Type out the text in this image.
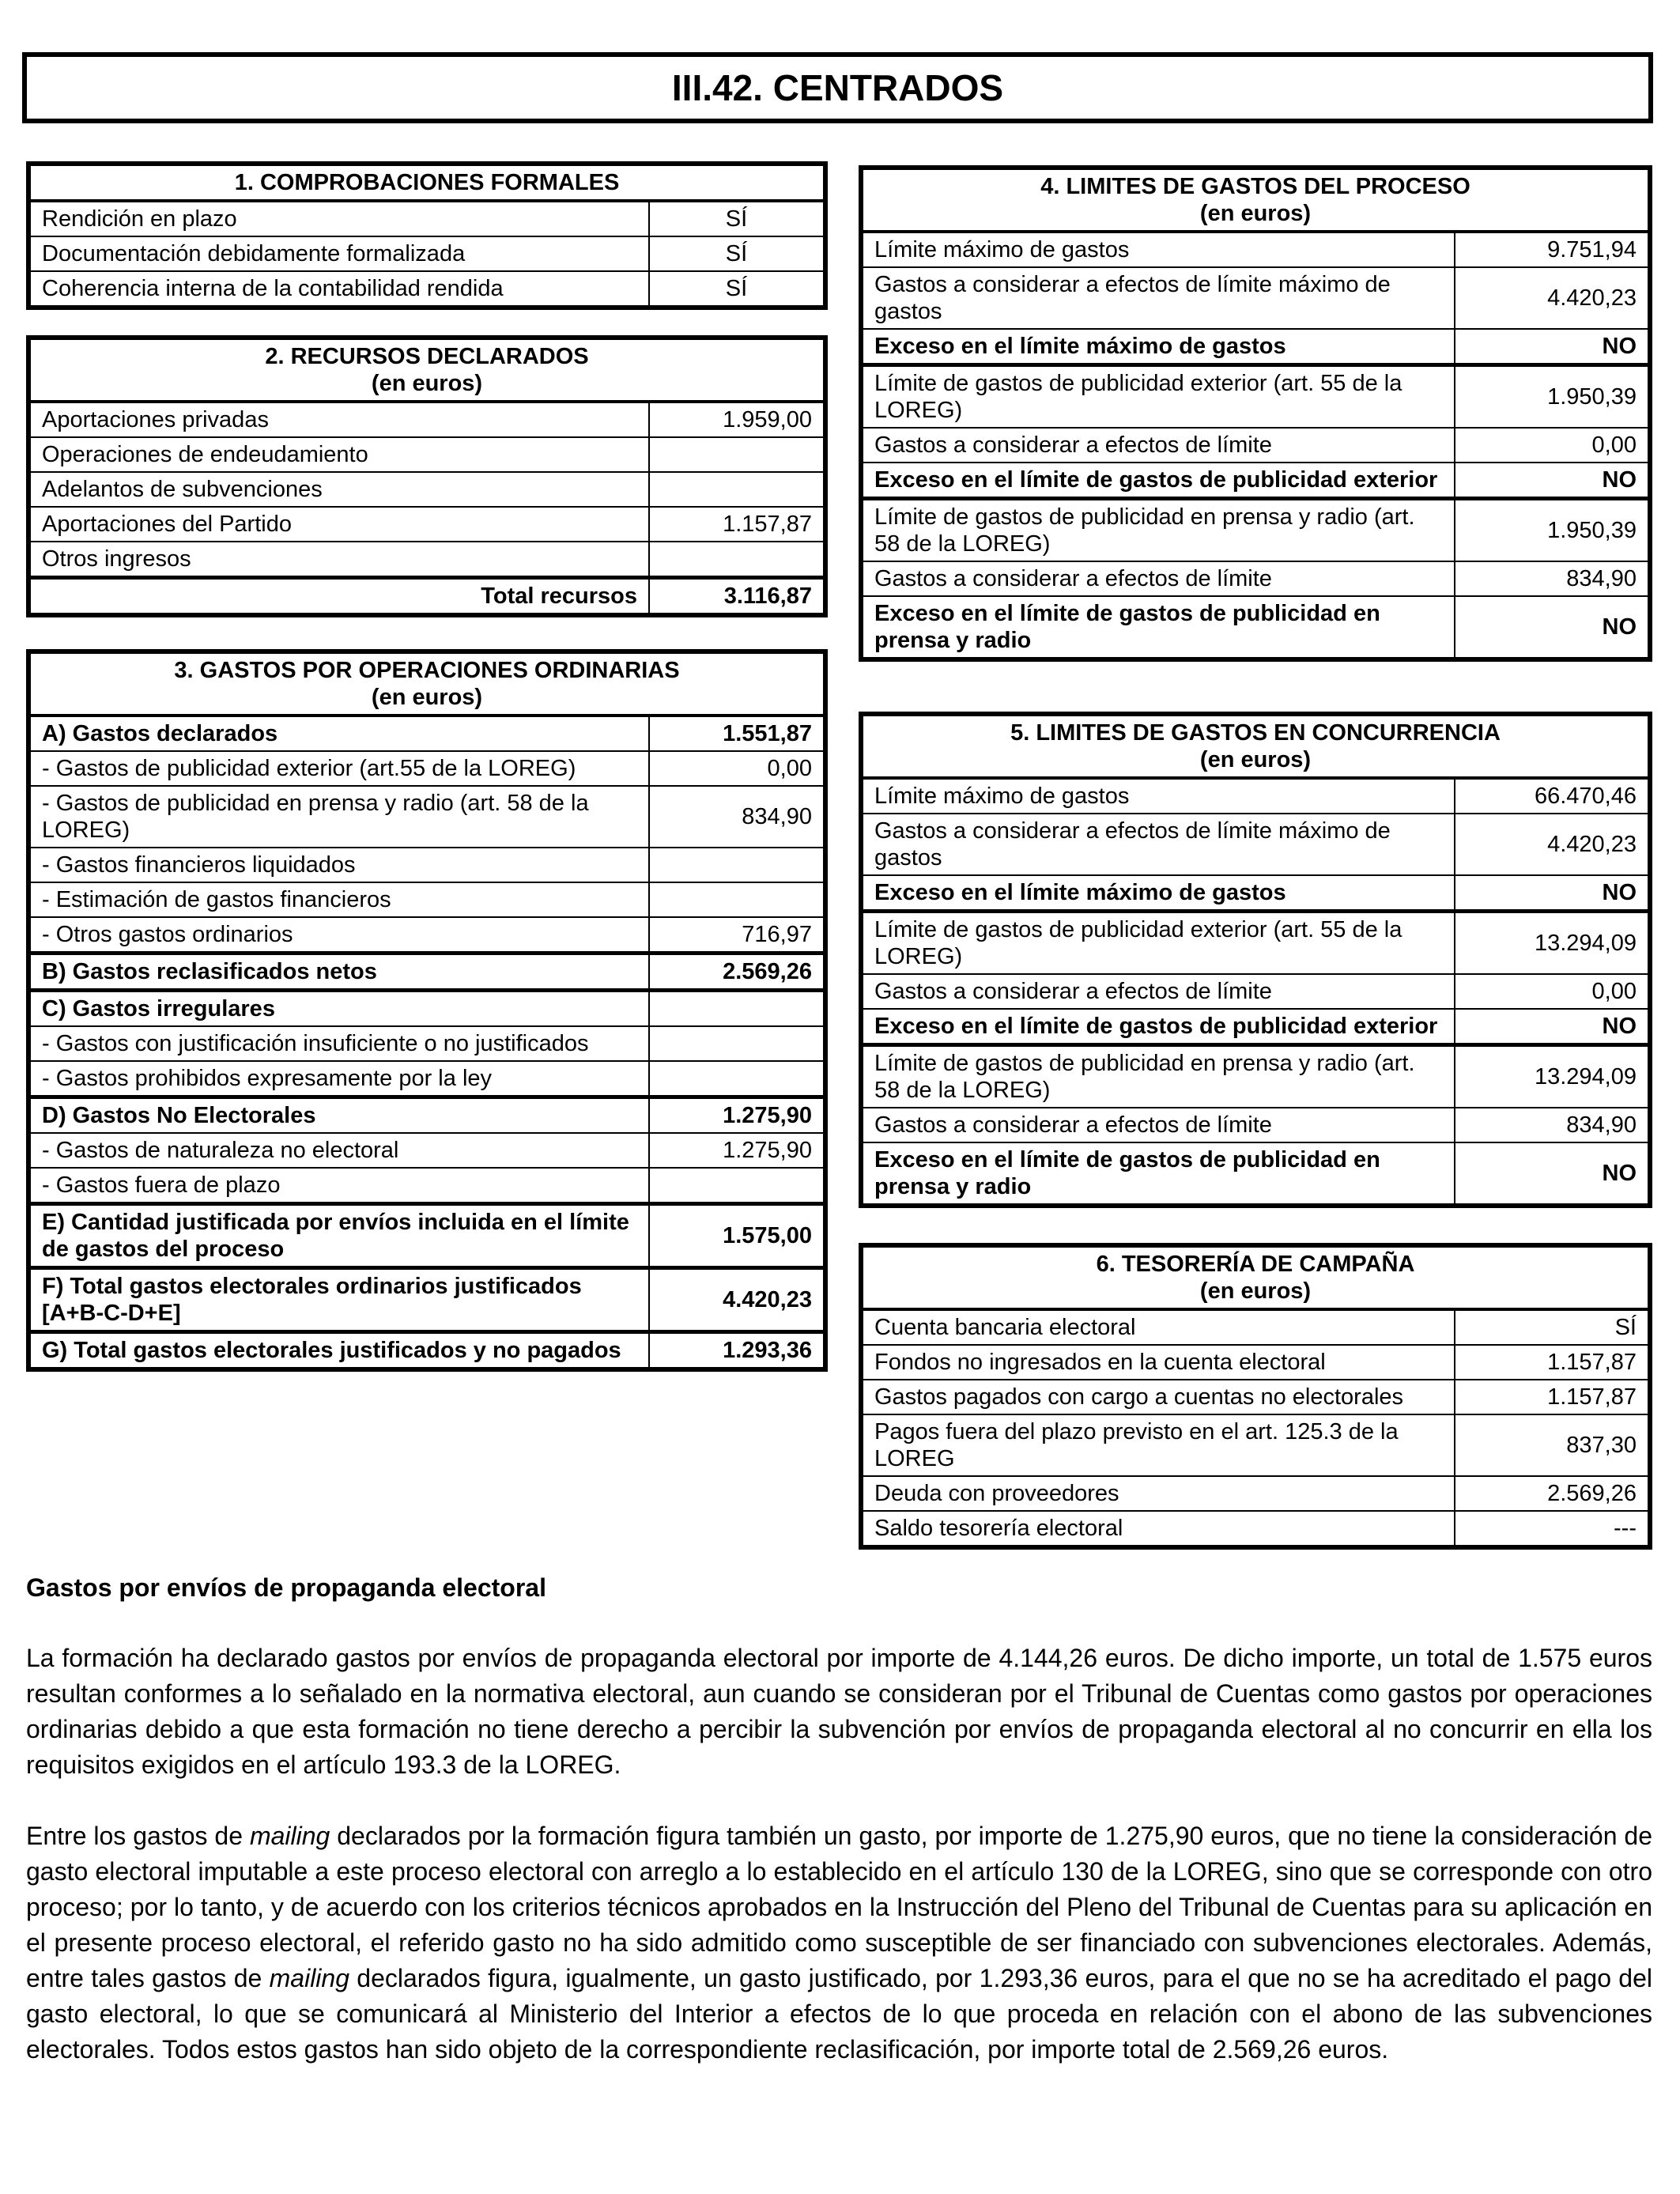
III.42. CENTRADOS
1. COMPROBACIONES FORMALES	
Rendición en plazo	SÍ
Documentación debidamente formalizada	SÍ
Coherencia interna de la contabilidad rendida	SÍ
2. RECURSOS DECLARADOS
(en euros)	

Aportaciones privadas	1.959,00
Operaciones de endeudamiento	
Adelantos de subvenciones	
Aportaciones del Partido	1.157,87
Otros ingresos	
Total recursos	3.116,87
3. GASTOS POR OPERACIONES ORDINARIAS
(en euros)	

A) Gastos declarados	1.551,87
- Gastos de publicidad exterior (art.55 de la LOREG)	0,00
- Gastos de publicidad en prensa y radio (art. 58 de la LOREG)	834,90
- Gastos financieros liquidados	
- Estimación de gastos financieros	
- Otros gastos ordinarios	716,97
B) Gastos reclasificados netos	2.569,26
C) Gastos irregulares	
- Gastos con justificación insuficiente o no justificados	
- Gastos prohibidos expresamente por la ley	
D) Gastos No Electorales	1.275,90
- Gastos de naturaleza no electoral	1.275,90
- Gastos fuera de plazo	
E) Cantidad justificada por envíos incluida en el límite de gastos del proceso	1.575,00
F) Total gastos electorales ordinarios justificados [A+B-C-D+E]	4.420,23
G) Total gastos electorales justificados y no pagados	1.293,36
4. LIMITES DE GASTOS DEL PROCESO
(en euros)	

Límite máximo de gastos	9.751,94
Gastos a considerar a efectos de límite máximo de gastos	4.420,23
Exceso en el límite máximo de gastos	NO
Límite de gastos de publicidad exterior (art. 55 de la LOREG)	1.950,39
Gastos a considerar a efectos de límite	0,00
Exceso en el límite de gastos de publicidad exterior	NO
Límite de gastos de publicidad en prensa y radio (art. 58 de la LOREG)	1.950,39
Gastos a considerar a efectos de límite	834,90
Exceso en el límite de gastos de publicidad en prensa y radio	NO
5. LIMITES DE GASTOS EN CONCURRENCIA
(en euros)	

Límite máximo de gastos	66.470,46
Gastos a considerar a efectos de límite máximo de gastos	4.420,23
Exceso en el límite máximo de gastos	NO
Límite de gastos de publicidad exterior (art. 55 de la LOREG)	13.294,09
Gastos a considerar a efectos de límite	0,00
Exceso en el límite de gastos de publicidad exterior	NO
Límite de gastos de publicidad en prensa y radio (art. 58 de la LOREG)	13.294,09
Gastos a considerar a efectos de límite	834,90
Exceso en el límite de gastos de publicidad en prensa y radio	NO
6. TESORERÍA DE CAMPAÑA
(en euros)	

Cuenta bancaria electoral	SÍ
Fondos no ingresados en la cuenta electoral	1.157,87
Gastos pagados con cargo a cuentas no electorales	1.157,87
Pagos fuera del plazo previsto en el art. 125.3 de la LOREG	837,30
Deuda con proveedores	2.569,26
Saldo tesorería electoral	---
Gastos por envíos de propaganda electoral
La formación ha declarado gastos por envíos de propaganda electoral por importe de 4.144,26 euros. De dicho importe, un total de 1.575 euros resultan conformes a lo señalado en la normativa electoral, aun cuando se consideran por el Tribunal de Cuentas como gastos por operaciones ordinarias debido a que esta formación no tiene derecho a percibir la subvención por envíos de propaganda electoral al no concurrir en ella los requisitos exigidos en el artículo 193.3 de la LOREG.
Entre los gastos de mailing declarados por la formación figura también un gasto, por importe de 1.275,90 euros, que no tiene la consideración de gasto electoral imputable a este proceso electoral con arreglo a lo establecido en el artículo 130 de la LOREG, sino que se corresponde con otro proceso; por lo tanto, y de acuerdo con los criterios técnicos aprobados en la Instrucción del Pleno del Tribunal de Cuentas para su aplicación en el presente proceso electoral, el referido gasto no ha sido admitido como susceptible de ser financiado con subvenciones electorales. Además, entre tales gastos de mailing declarados figura, igualmente, un gasto justificado, por 1.293,36 euros, para el que no se ha acreditado el pago del gasto electoral, lo que se comunicará al Ministerio del Interior a efectos de lo que proceda en relación con el abono de las subvenciones electorales. Todos estos gastos han sido objeto de la correspondiente reclasificación, por importe total de 2.569,26 euros.
